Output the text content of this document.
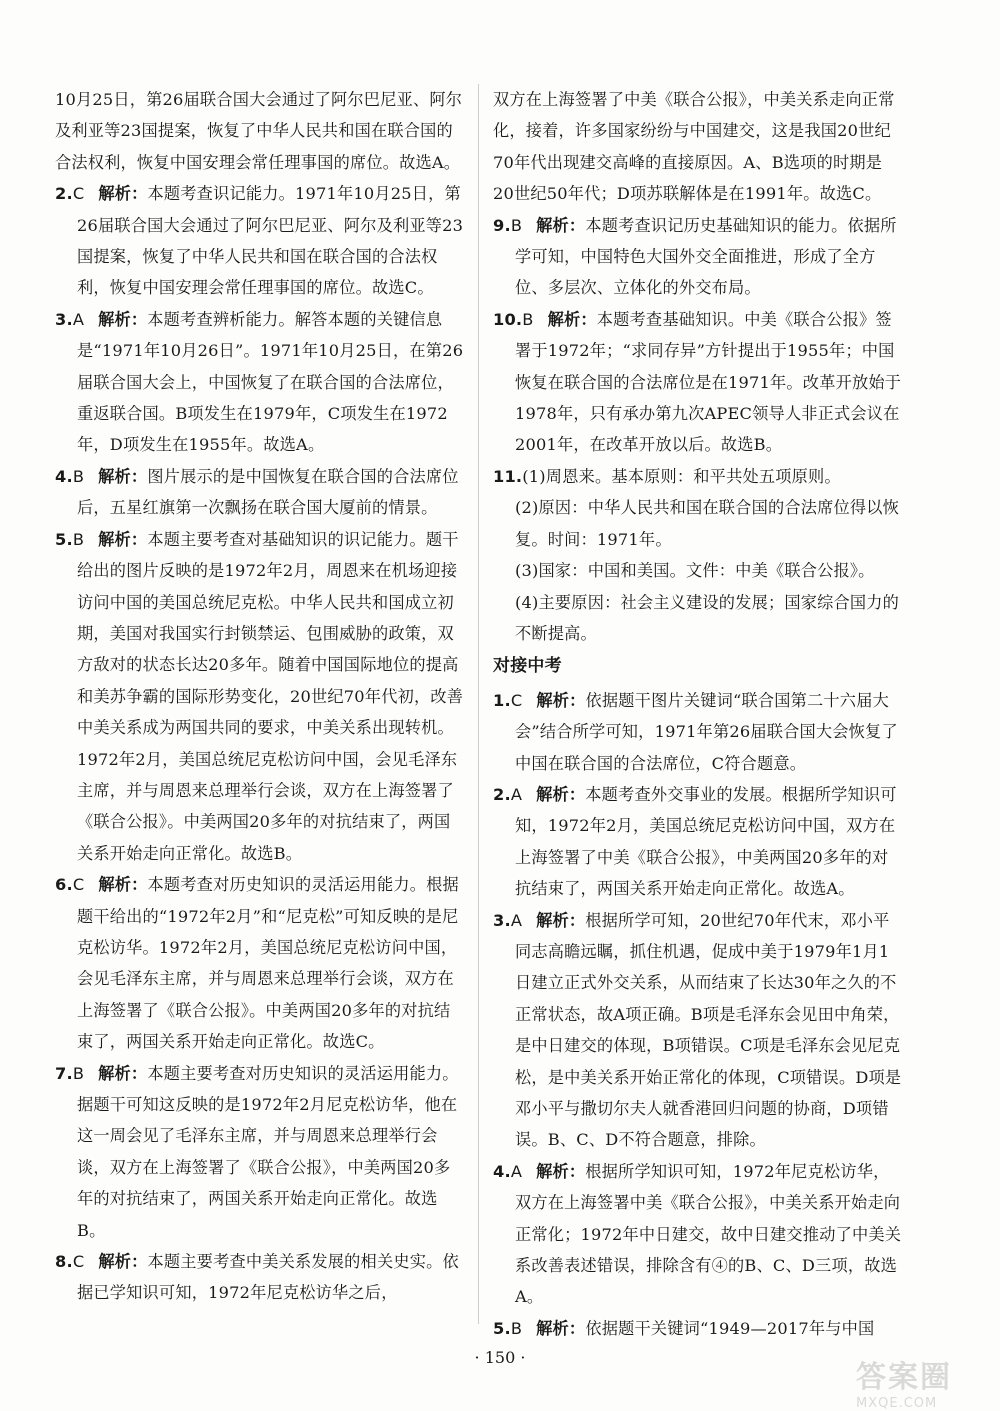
10月25日，第26届联合国大会通过了阿尔巴尼亚、阿尔及利亚等23国提案，恢复了中华人民共和国在联合国的合法权利，恢复中国安理会常任理事国的席位。故选A。
2.C 解析：本题考查识记能力。1971年10月25日，第26届联合国大会通过了阿尔巴尼亚、阿尔及利亚等23国提案，恢复了中华人民共和国在联合国的合法权利，恢复中国安理会常任理事国的席位。故选C。
3.A 解析：本题考查辨析能力。解答本题的关键信息是“1971年10月26日”。1971年10月25日，在第26届联合国大会上，中国恢复了在联合国的合法席位，重返联合国。B项发生在1979年，C项发生在1972年，D项发生在1955年。故选A。
4.B 解析：图片展示的是中国恢复在联合国的合法席位后，五星红旗第一次飘扬在联合国大厦前的情景。
5.B 解析：本题主要考查对基础知识的识记能力。题干给出的图片反映的是1972年2月，周恩来在机场迎接访问中国的美国总统尼克松。中华人民共和国成立初期，美国对我国实行封锁禁运、包围威胁的政策，双方敌对的状态长达20多年。随着中国国际地位的提高和美苏争霸的国际形势变化，20世纪70年代初，改善中美关系成为两国共同的要求，中美关系出现转机。1972年2月，美国总统尼克松访问中国，会见毛泽东主席，并与周恩来总理举行会谈，双方在上海签署了《联合公报》。中美两国20多年的对抗结束了，两国关系开始走向正常化。故选B。
6.C 解析：本题考查对历史知识的灵活运用能力。根据题干给出的“1972年2月”和“尼克松”可知反映的是尼克松访华。1972年2月，美国总统尼克松访问中国，会见毛泽东主席，并与周恩来总理举行会谈，双方在上海签署了《联合公报》。中美两国20多年的对抗结束了，两国关系开始走向正常化。故选C。
7.B 解析：本题主要考查对历史知识的灵活运用能力。据题干可知这反映的是1972年2月尼克松访华，他在这一周会见了毛泽东主席，并与周恩来总理举行会谈，双方在上海签署了《联合公报》，中美两国20多年的对抗结束了，两国关系开始走向正常化。故选B。
8.C 解析：本题主要考查中美关系发展的相关史实。依据已学知识可知，1972年尼克松访华之后，
双方在上海签署了中美《联合公报》，中美关系走向正常化，接着，许多国家纷纷与中国建交，这是我国20世纪70年代出现建交高峰的直接原因。A、B选项的时期是20世纪50年代；D项苏联解体是在1991年。故选C。
9.B 解析：本题考查识记历史基础知识的能力。依据所学可知，中国特色大国外交全面推进，形成了全方位、多层次、立体化的外交布局。
10.B 解析：本题考查基础知识。中美《联合公报》签署于1972年；“求同存异”方针提出于1955年；中国恢复在联合国的合法席位是在1971年。改革开放始于1978年，只有承办第九次APEC领导人非正式会议在2001年，在改革开放以后。故选B。
11.(1)周恩来。基本原则：和平共处五项原则。
(2)原因：中华人民共和国在联合国的合法席位得以恢复。时间：1971年。
(3)国家：中国和美国。文件：中美《联合公报》。
(4)主要原因：社会主义建设的发展；国家综合国力的不断提高。
对接中考
1.C 解析：依据题干图片关键词“联合国第二十六届大会”结合所学可知，1971年第26届联合国大会恢复了中国在联合国的合法席位，C符合题意。
2.A 解析：本题考查外交事业的发展。根据所学知识可知，1972年2月，美国总统尼克松访问中国，双方在上海签署了中美《联合公报》，中美两国20多年的对抗结束了，两国关系开始走向正常化。故选A。
3.A 解析：根据所学可知，20世纪70年代末，邓小平同志高瞻远瞩，抓住机遇，促成中美于1979年1月1日建立正式外交关系，从而结束了长达30年之久的不正常状态，故A项正确。B项是毛泽东会见田中角荣，是中日建交的体现，B项错误。C项是毛泽东会见尼克松，是中美关系开始正常化的体现，C项错误。D项是邓小平与撒切尔夫人就香港回归问题的协商，D项错误。B、C、D不符合题意，排除。
4.A 解析：根据所学知识可知，1972年尼克松访华，双方在上海签署中美《联合公报》，中美关系开始走向正常化；1972年中日建交，故中日建交推动了中美关系改善表述错误，排除含有④的B、C、D三项，故选A。
5.B 解析：依据题干关键词“1949—2017年与中国
· 150 ·
答案圈
MXQE.COM
